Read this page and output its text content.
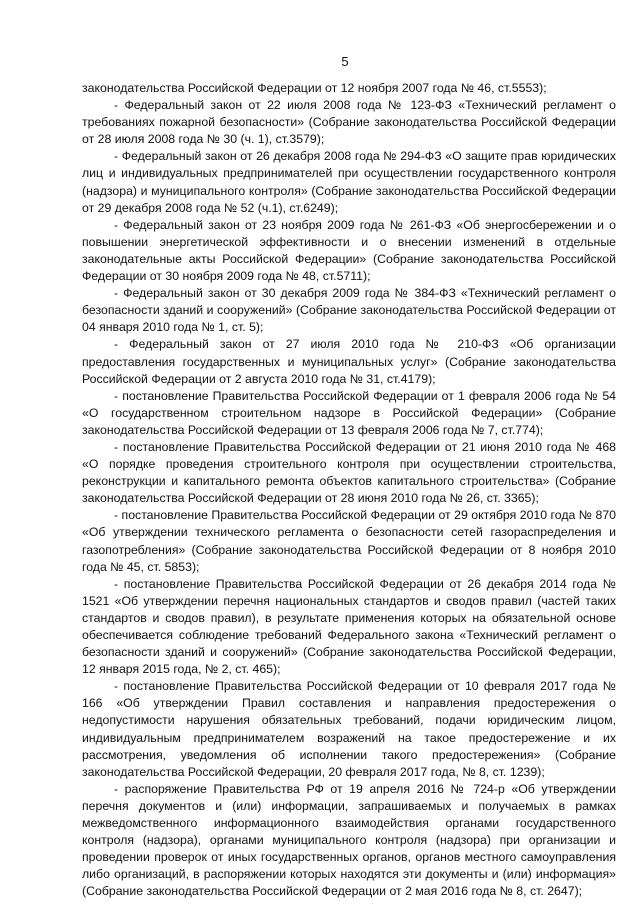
5

законодательства Российской Федерации от 12 ноября 2007 года № 46, ст.5553);

- Федеральный закон от 22 июля 2008 года № 123-ФЗ «Технический регламент о требованиях пожарной безопасности» (Собрание законодательства Российской Федерации от 28 июля 2008 года № 30 (ч. 1), ст.3579);

- Федеральный закон от 26 декабря 2008 года № 294-ФЗ «О защите прав юридических лиц и индивидуальных предпринимателей при осуществлении государственного контроля (надзора) и муниципального контроля» (Собрание законодательства Российской Федерации от 29 декабря 2008 года № 52 (ч.1), ст.6249);

- Федеральный закон от 23 ноября 2009 года № 261-ФЗ «Об энергосбережении и о повышении энергетической эффективности и о внесении изменений в отдельные законодательные акты Российской Федерации» (Собрание законодательства Российской Федерации от 30 ноября 2009 года № 48, ст.5711);

- Федеральный закон от 30 декабря 2009 года № 384-ФЗ «Технический регламент о безопасности зданий и сооружений» (Собрание законодательства Российской Федерации от 04 января 2010 года № 1, ст. 5);

- Федеральный закон от 27 июля 2010 года № 210-ФЗ «Об организации предоставления государственных и муниципальных услуг» (Собрание законодательства Российской Федерации от 2 августа 2010 года № 31, ст.4179);

- постановление Правительства Российской Федерации от 1 февраля 2006 года № 54 «О государственном строительном надзоре в Российской Федерации» (Собрание законодательства Российской Федерации от 13 февраля 2006 года № 7, ст.774);

- постановление Правительства Российской Федерации от 21 июня 2010 года № 468 «О порядке проведения строительного контроля при осуществлении строительства, реконструкции и капитального ремонта объектов капитального строительства» (Собрание законодательства Российской Федерации от 28 июня 2010 года № 26, ст. 3365);

- постановление Правительства Российской Федерации от 29 октября 2010 года № 870 «Об утверждении технического регламента о безопасности сетей газораспределения и газопотребления» (Собрание законодательства Российской Федерации от 8 ноября 2010 года № 45, ст. 5853);

- постановление Правительства Российской Федерации от 26 декабря 2014 года № 1521 «Об утверждении перечня национальных стандартов и сводов правил (частей таких стандартов и сводов правил), в результате применения которых на обязательной основе обеспечивается соблюдение требований Федерального закона «Технический регламент о безопасности зданий и сооружений» (Собрание законодательства Российской Федерации, 12 января 2015 года, № 2, ст. 465);

- постановление Правительства Российской Федерации от 10 февраля 2017 года № 166 «Об утверждении Правил составления и направления предостережения о недопустимости нарушения обязательных требований, подачи юридическим лицом, индивидуальным предпринимателем возражений на такое предостережение и их рассмотрения, уведомления об исполнении такого предостережения» (Собрание законодательства Российской Федерации, 20 февраля 2017 года, № 8, ст. 1239);

- распоряжение Правительства РФ от 19 апреля 2016 № 724-р «Об утверждении перечня документов и (или) информации, запрашиваемых и получаемых в рамках межведомственного информационного взаимодействия органами государственного контроля (надзора), органами муниципального контроля (надзора) при организации и проведении проверок от иных государственных органов, органов местного самоуправления либо организаций, в распоряжении которых находятся эти документы и (или) информация» (Собрание законодательства Российской Федерации от 2 мая 2016 года № 8, ст. 2647);
